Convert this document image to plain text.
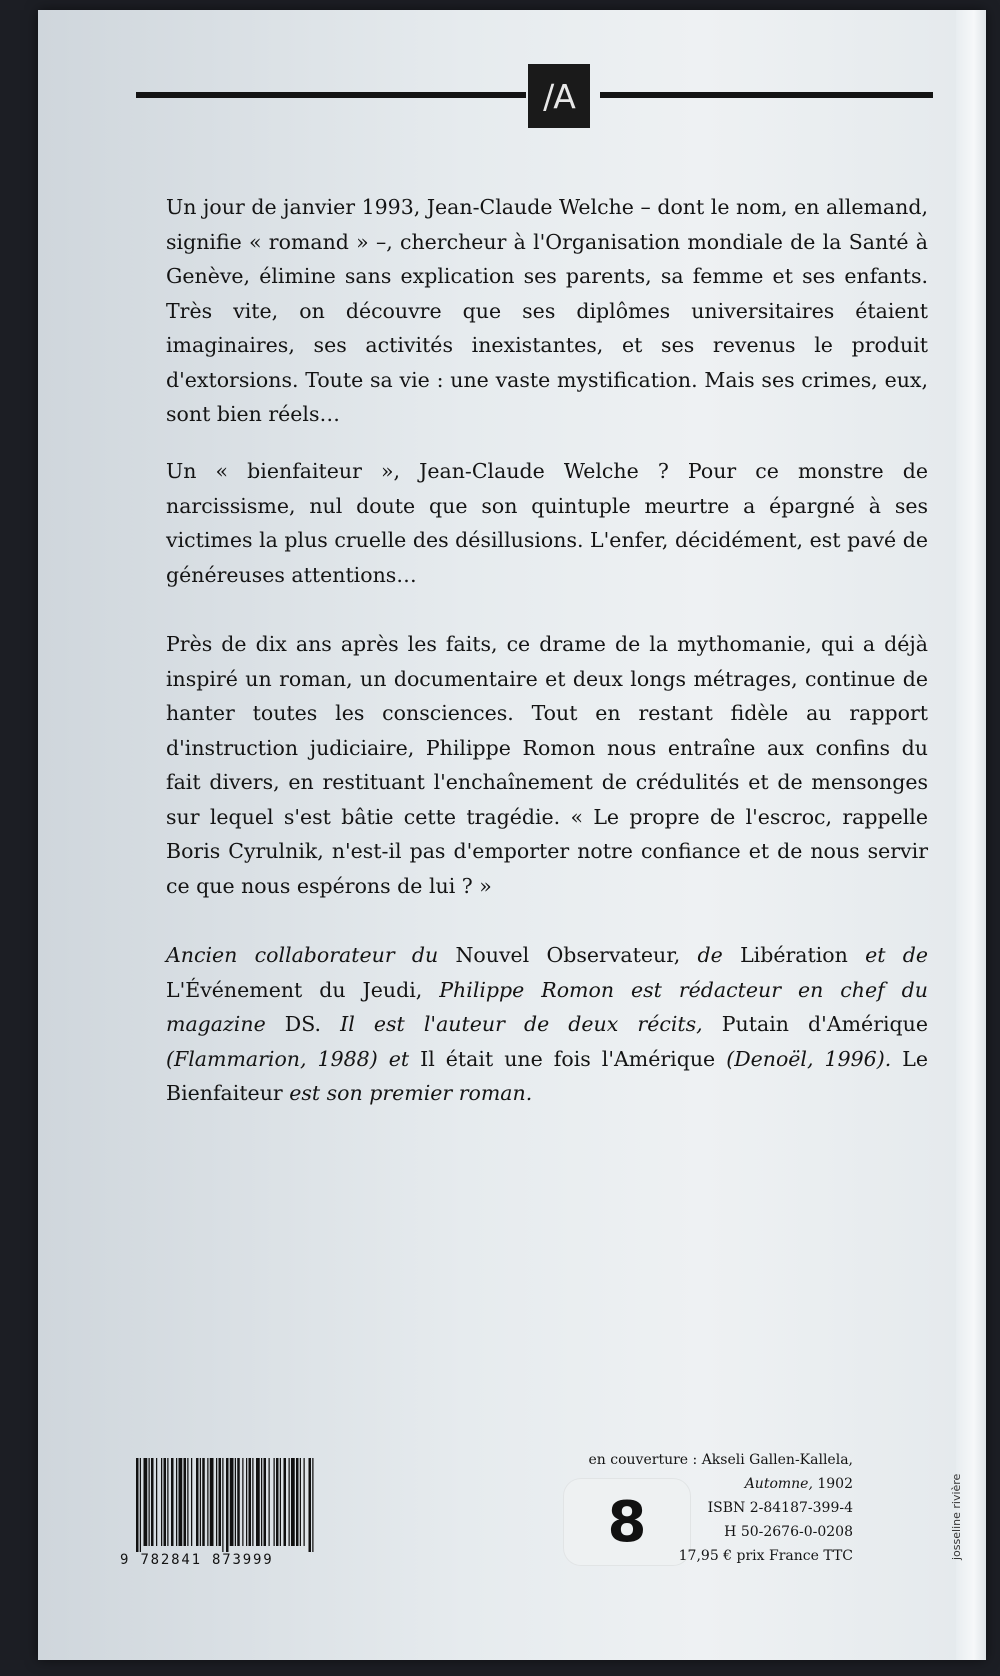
/A

Un jour de janvier 1993, Jean-Claude Welche – dont le nom, en allemand, signifie « romand » –, chercheur à l'Organisation mondiale de la Santé à Genève, élimine sans explication ses parents, sa femme et ses enfants. Très vite, on découvre que ses diplômes universitaires étaient imaginaires, ses activités inexistantes, et ses revenus le produit d'extorsions. Toute sa vie : une vaste mystification. Mais ses crimes, eux, sont bien réels…

Un « bienfaiteur », Jean-Claude Welche ? Pour ce monstre de narcissisme, nul doute que son quintuple meurtre a épargné à ses victimes la plus cruelle des désillusions. L'enfer, décidément, est pavé de généreuses attentions…

Près de dix ans après les faits, ce drame de la mythomanie, qui a déjà inspiré un roman, un documentaire et deux longs métrages, continue de hanter toutes les consciences. Tout en restant fidèle au rapport d'instruction judiciaire, Philippe Romon nous entraîne aux confins du fait divers, en restituant l'enchaînement de crédulités et de mensonges sur lequel s'est bâtie cette tragédie. « Le propre de l'escroc, rappelle Boris Cyrulnik, n'est-il pas d'emporter notre confiance et de nous servir ce que nous espérons de lui ? »

Ancien collaborateur du Nouvel Observateur, de Libération et de L'Événement du Jeudi, Philippe Romon est rédacteur en chef du magazine DS. Il est l'auteur de deux récits, Putain d'Amérique (Flammarion, 1988) et Il était une fois l'Amérique (Denoël, 1996). Le Bienfaiteur est son premier roman.

9 782841 873999
8
en couverture : Akseli Gallen-Kallela,
Automne, 1902
ISBN 2-84187-399-4
H 50-2676-0-0208
17,95 € prix France TTC	josseline rivière
